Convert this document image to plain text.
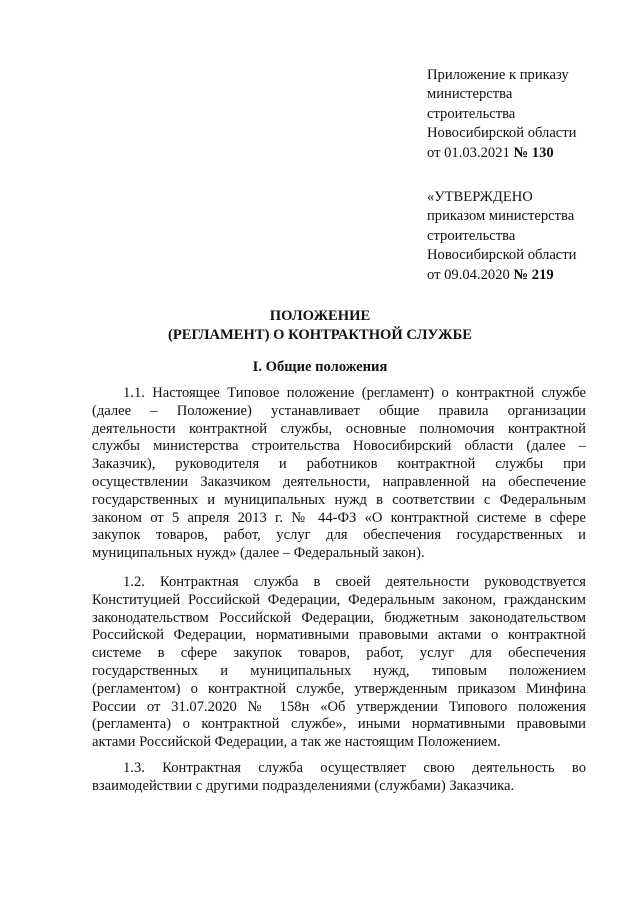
Приложение к приказу
министерства
строительства
Новосибирской области
от 01.03.2021 № 130
«УТВЕРЖДЕНО
приказом министерства
строительства
Новосибирской области
от 09.04.2020 № 219
ПОЛОЖЕНИЕ
(РЕГЛАМЕНТ) О КОНТРАКТНОЙ СЛУЖБЕ
I. Общие положения
1.1. Настоящее Типовое положение (регламент) о контрактной службе
(далее – Положение) устанавливает общие правила организации
деятельности контрактной службы, основные полномочия контрактной
службы министерства строительства Новосибирский области (далее –
Заказчик), руководителя и работников контрактной службы при
осуществлении Заказчиком деятельности, направленной на обеспечение
государственных и муниципальных нужд в соответствии с Федеральным
законом от 5 апреля 2013 г. № 44-ФЗ «О контрактной системе в сфере
закупок товаров, работ, услуг для обеспечения государственных и
муниципальных нужд» (далее – Федеральный закон).
1.2. Контрактная служба в своей деятельности руководствуется
Конституцией Российской Федерации, Федеральным законом, гражданским
законодательством Российской Федерации, бюджетным законодательством
Российской Федерации, нормативными правовыми актами о контрактной
системе в сфере закупок товаров, работ, услуг для обеспечения
государственных и муниципальных нужд, типовым положением
(регламентом) о контрактной службе, утвержденным приказом Минфина
России от 31.07.2020 № 158н «Об утверждении Типового положения
(регламента) о контрактной службе», иными нормативными правовыми
актами Российской Федерации, а так же настоящим Положением.
1.3. Контрактная служба осуществляет свою деятельность во
взаимодействии с другими подразделениями (службами) Заказчика.
